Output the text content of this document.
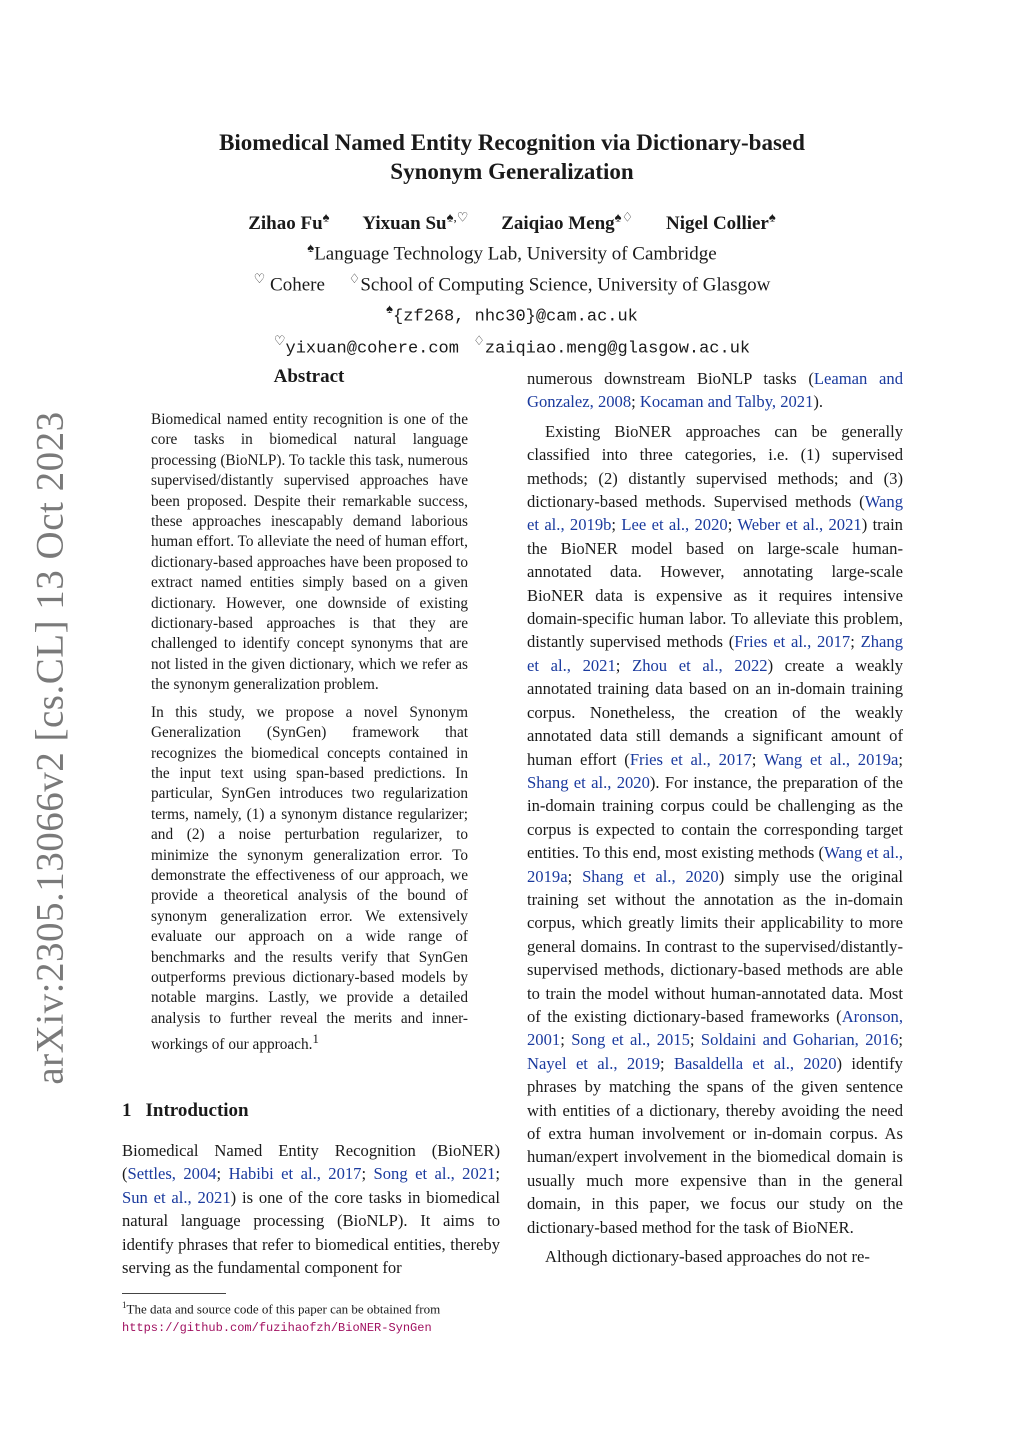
arXiv:2305.13066v2 [cs.CL] 13 Oct 2023
Biomedical Named Entity Recognition via Dictionary-based
Synonym Generalization
Zihao Fu♠ Yixuan Su♠,♡ Zaiqiao Meng♠♢ Nigel Collier♠
♠Language Technology Lab, University of Cambridge
♡ Cohere ♢School of Computing Science, University of Glasgow
♠{zf268, nhc30}@cam.ac.uk
♡yixuan@cohere.com ♢zaiqiao.meng@glasgow.ac.uk
Abstract

Biomedical named entity recognition is one of the core tasks in biomedical natural language processing (BioNLP). To tackle this task, numerous supervised/distantly supervised approaches have been proposed. Despite their remarkable success, these approaches inescapably demand laborious human effort. To alleviate the need of human effort, dictionary-based approaches have been proposed to extract named entities simply based on a given dictionary. However, one downside of existing dictionary-based approaches is that they are challenged to identify concept synonyms that are not listed in the given dictionary, which we refer as the synonym generalization problem.

In this study, we propose a novel Synonym Generalization (SynGen) framework that recognizes the biomedical concepts contained in the input text using span-based predictions. In particular, SynGen introduces two regularization terms, namely, (1) a synonym distance regularizer; and (2) a noise perturbation regularizer, to minimize the synonym generalization error. To demonstrate the effectiveness of our approach, we provide a theoretical analysis of the bound of synonym generalization error. We extensively evaluate our approach on a wide range of benchmarks and the results verify that SynGen outperforms previous dictionary-based models by notable margins. Lastly, we provide a detailed analysis to further reveal the merits and inner-workings of our approach.$^1$

1 Introduction

Biomedical Named Entity Recognition (BioNER) (Settles, 2004; Habibi et al., 2017; Song et al., 2021; Sun et al., 2021) is one of the core tasks in biomedical natural language processing (BioNLP). It aims to identify phrases that refer to biomedical entities, thereby serving as the fundamental component for

$^1$The data and source code of this paper can be obtained from https://github.com/fuzihaofzh/BioNER-SynGen

numerous downstream BioNLP tasks (Leaman and Gonzalez, 2008; Kocaman and Talby, 2021).

Existing BioNER approaches can be generally classified into three categories, i.e. (1) supervised methods; (2) distantly supervised methods; and (3) dictionary-based methods. Supervised methods (Wang et al., 2019b; Lee et al., 2020; Weber et al., 2021) train the BioNER model based on large-scale human-annotated data. However, annotating large-scale BioNER data is expensive as it requires intensive domain-specific human labor. To alleviate this problem, distantly supervised methods (Fries et al., 2017; Zhang et al., 2021; Zhou et al., 2022) create a weakly annotated training data based on an in-domain training corpus. Nonetheless, the creation of the weakly annotated data still demands a significant amount of human effort (Fries et al., 2017; Wang et al., 2019a; Shang et al., 2020). For instance, the preparation of the in-domain training corpus could be challenging as the corpus is expected to contain the corresponding target entities. To this end, most existing methods (Wang et al., 2019a; Shang et al., 2020) simply use the original training set without the annotation as the in-domain corpus, which greatly limits their applicability to more general domains. In contrast to the supervised/distantly-supervised methods, dictionary-based methods are able to train the model without human-annotated data. Most of the existing dictionary-based frameworks (Aronson, 2001; Song et al., 2015; Soldaini and Goharian, 2016; Nayel et al., 2019; Basaldella et al., 2020) identify phrases by matching the spans of the given sentence with entities of a dictionary, thereby avoiding the need of extra human involvement or in-domain corpus. As human/expert involvement in the biomedical domain is usually much more expensive than in the general domain, in this paper, we focus our study on the dictionary-based method for the task of BioNER.

Although dictionary-based approaches do not re-
